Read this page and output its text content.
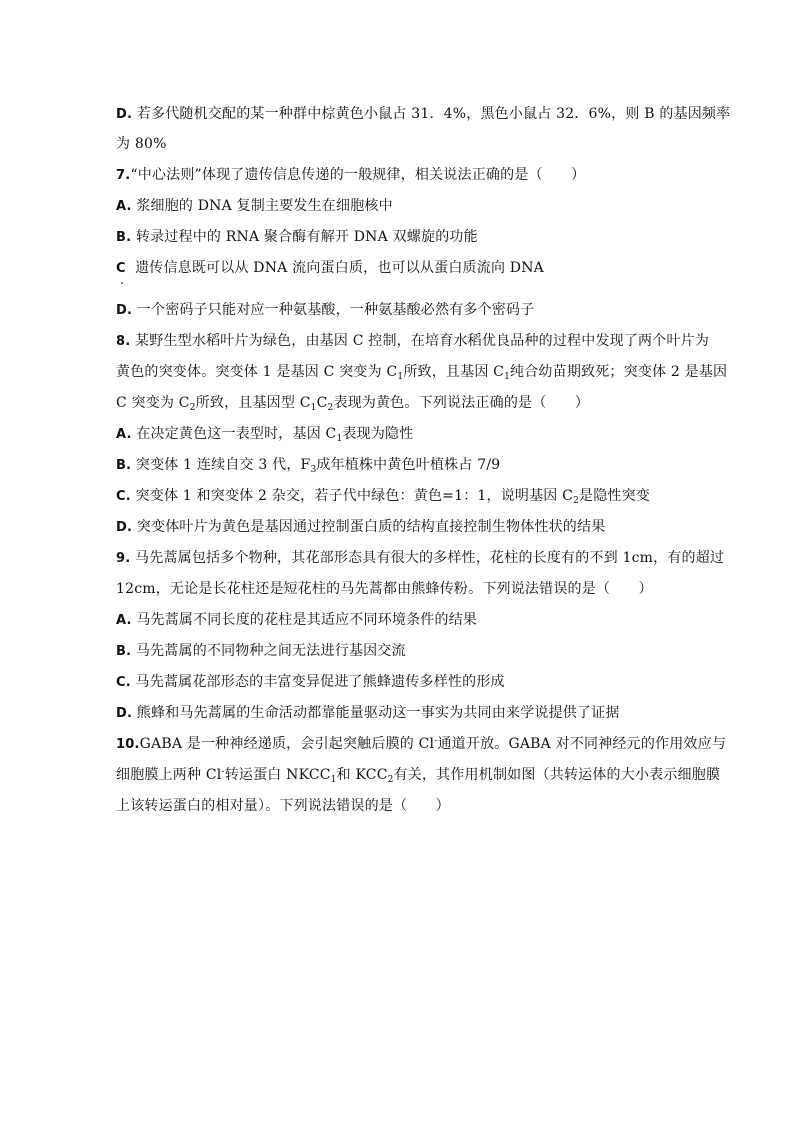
D. 若多代随机交配的某一种群中棕黄色小鼠占 31．4%，黑色小鼠占 32．6%，则 B 的基因频率
为 80%
7.“中心法则”体现了遗传信息传递的一般规律，相关说法正确的是（　　）
A. 浆细胞的 DNA 复制主要发生在细胞核中
B. 转录过程中的 RNA 聚合酶有解开 DNA 双螺旋的功能
C 遗传信息既可以从 DNA 流向蛋白质，也可以从蛋白质流向 DNA
D. 一个密码子只能对应一种氨基酸，一种氨基酸必然有多个密码子
8. 某野生型水稻叶片为绿色，由基因 C 控制，在培育水稻优良品种的过程中发现了两个叶片为
黄色的突变体。突变体 1 是基因 C 突变为 $C_1$所致，且基因 $C_1$纯合幼苗期致死；突变体 2 是基因
C 突变为 $C_2$所致，且基因型 $C_1C_2$表现为黄色。下列说法正确的是（　　）
A. 在决定黄色这一表型时，基因 $C_1$表现为隐性
B. 突变体 1 连续自交 3 代，$F_3$成年植株中黄色叶植株占 7/9
C. 突变体 1 和突变体 2 杂交，若子代中绿色：黄色=1：1，说明基因 $C_2$是隐性突变
D. 突变体叶片为黄色是基因通过控制蛋白质的结构直接控制生物体性状的结果
9. 马先蒿属包括多个物种，其花部形态具有很大的多样性，花柱的长度有的不到 1cm，有的超过
12cm，无论是长花柱还是短花柱的马先蒿都由熊蜂传粉。下列说法错误的是（　　）
A. 马先蒿属不同长度的花柱是其适应不同环境条件的结果
B. 马先蒿属的不同物种之间无法进行基因交流
C. 马先蒿属花部形态的丰富变异促进了熊蜂遗传多样性的形成
D. 熊蜂和马先蒿属的生命活动都靠能量驱动这一事实为共同由来学说提供了证据
10.GABA 是一种神经递质，会引起突触后膜的 Cl-通道开放。GABA 对不同神经元的作用效应与
细胞膜上两种 Cl-转运蛋白 $NKCC_1$和 $KCC_2$有关，其作用机制如图（共转运体的大小表示细胞膜
上该转运蛋白的相对量）。下列说法错误的是（　　）
